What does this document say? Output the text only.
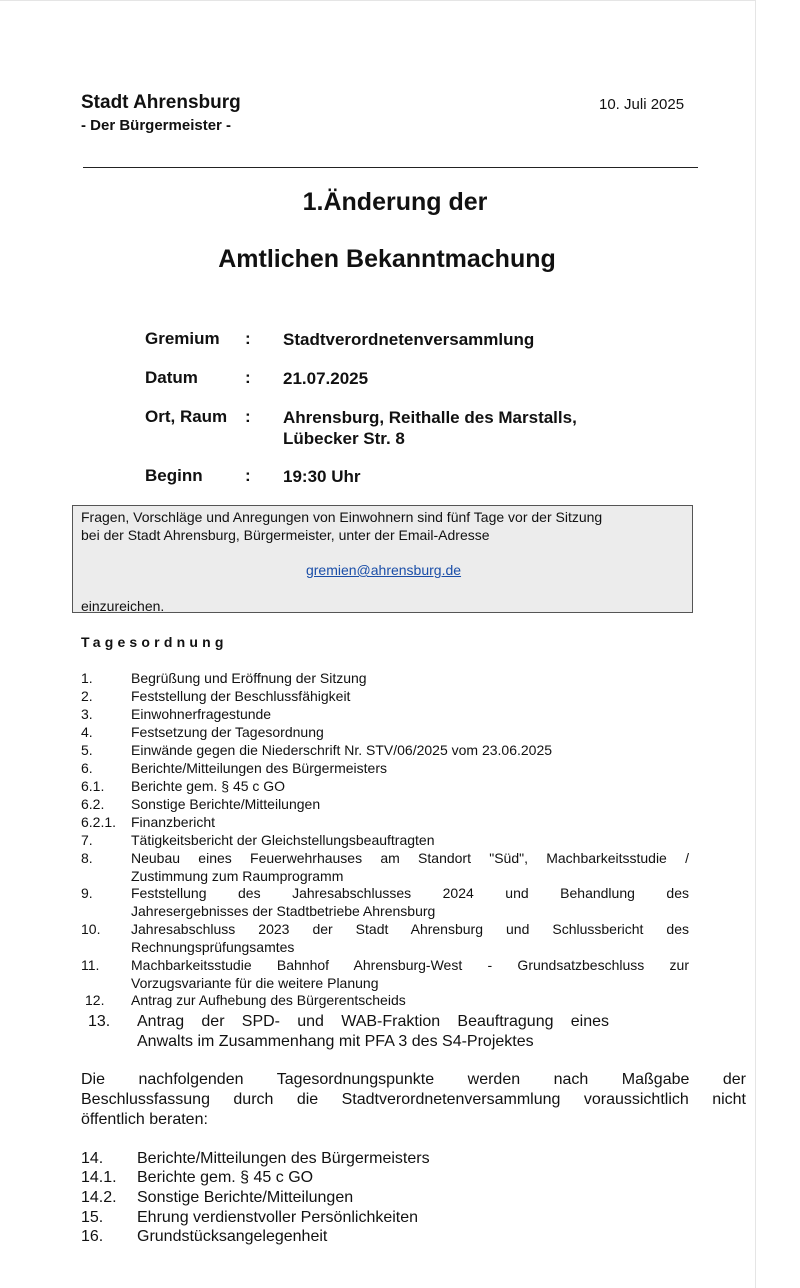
Stadt Ahrensburg
- Der Bürgermeister -
10. Juli 2025
1.Änderung der
Amtlichen Bekanntmachung
Gremium : Stadtverordnetenversammlung
Datum	: 21.07.2025
Ort, Raum : Ahrensburg, Reithalle des Marstalls,
Lübecker Str. 8
Beginn : 19:30 Uhr
Fragen, Vorschläge und Anregungen von Einwohnern sind fünf Tage vor der Sitzung
bei der Stadt Ahrensburg, Bürgermeister, unter der Email-Adresse
gremien@ahrensburg.de
einzureichen.
Tagesordnung
1.	Begrüßung und Eröffnung der Sitzung
2.	Feststellung der Beschlussfähigkeit
3.	Einwohnerfragestunde
4.	Festsetzung der Tagesordnung
5.	Einwände gegen die Niederschrift Nr. STV/06/2025 vom 23.06.2025
6.	Berichte/Mitteilungen des Bürgermeisters
6.1. Berichte gem. § 45 c GO
6.2. Sonstige Berichte/Mitteilungen
6.2.1. Finanzbericht
7.	Tätigkeitsbericht der Gleichstellungsbeauftragten
8.	Neubau eines Feuerwehrhauses am Standort "Süd", Machbarkeitsstudie /
Zustimmung zum Raumprogramm
9.	Feststellung des Jahresabschlusses 2024 und Behandlung des
Jahresergebnisses der Stadtbetriebe Ahrensburg
10. Jahresabschluss 2023 der Stadt Ahrensburg und Schlussbericht des
Rechnungsprüfungsamtes
11. Machbarkeitsstudie Bahnhof Ahrensburg-West - Grundsatzbeschluss zur
Vorzugsvariante für die weitere Planung
12. Antrag zur Aufhebung des Bürgerentscheids
13. Antrag der SPD- und WAB-Fraktion Beauftragung eines
Anwalts im Zusammenhang mit PFA 3 des S4-Projektes
Die nachfolgenden Tagesordnungspunkte werden nach Maßgabe der
Beschlussfassung durch die Stadtverordnetenversammlung voraussichtlich nicht
öffentlich beraten:
14. Berichte/Mitteilungen des Bürgermeisters
14.1. Berichte gem. § 45 c GO
14.2. Sonstige Berichte/Mitteilungen
15. Ehrung verdienstvoller Persönlichkeiten
16. Grundstücksangelegenheit
